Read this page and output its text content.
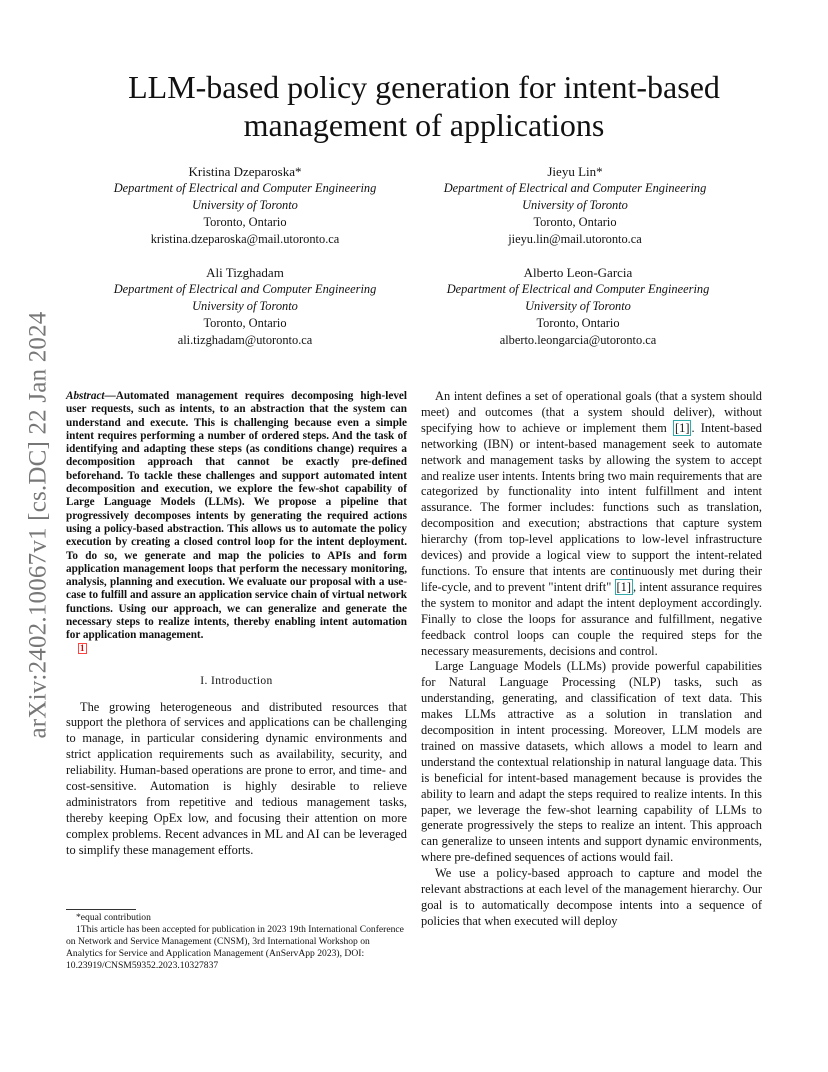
arXiv:2402.10067v1 [cs.DC] 22 Jan 2024
LLM-based policy generation for intent-based management of applications
Kristina Dzeparoska*
Department of Electrical and Computer Engineering
University of Toronto
Toronto, Ontario
kristina.dzeparoska@mail.utoronto.ca
Jieyu Lin*
Department of Electrical and Computer Engineering
University of Toronto
Toronto, Ontario
jieyu.lin@mail.utoronto.ca
Ali Tizghadam
Department of Electrical and Computer Engineering
University of Toronto
Toronto, Ontario
ali.tizghadam@utoronto.ca
Alberto Leon-Garcia
Department of Electrical and Computer Engineering
University of Toronto
Toronto, Ontario
alberto.leongarcia@utoronto.ca
Abstract—Automated management requires decomposing high-level user requests, such as intents, to an abstraction that the system can understand and execute. This is challenging because even a simple intent requires performing a number of ordered steps. And the task of identifying and adapting these steps (as conditions change) requires a decomposition approach that cannot be exactly pre-defined beforehand. To tackle these challenges and support automated intent decomposition and execution, we explore the few-shot capability of Large Language Models (LLMs). We propose a pipeline that progressively decomposes intents by generating the required actions using a policy-based abstraction. This allows us to automate the policy execution by creating a closed control loop for the intent deployment. To do so, we generate and map the policies to APIs and form application management loops that perform the necessary monitoring, analysis, planning and execution. We evaluate our proposal with a use-case to fulfill and assure an application service chain of virtual network functions. Using our approach, we can generalize and generate the necessary steps to realize intents, thereby enabling intent automation for application management.
1
I. Introduction

The growing heterogeneous and distributed resources that support the plethora of services and applications can be challenging to manage, in particular considering dynamic environments and strict application requirements such as availability, security, and reliability. Human-based operations are prone to error, and time- and cost-sensitive. Automation is highly desirable to relieve administrators from repetitive and tedious management tasks, thereby keeping OpEx low, and focusing their attention on more complex problems. Recent advances in ML and AI can be leveraged to simplify these management efforts.

*equal contribution
1This article has been accepted for publication in 2023 19th International Conference on Network and Service Management (CNSM), 3rd International Workshop on Analytics for Service and Application Management (AnServApp 2023), DOI: 10.23919/CNSM59352.2023.10327837

An intent defines a set of operational goals (that a system should meet) and outcomes (that a system should deliver), without specifying how to achieve or implement them [1] . Intent-based networking (IBN) or intent-based management seek to automate network and management tasks by allowing the system to accept and realize user intents. Intents bring two main requirements that are categorized by functionality into intent fulfillment and intent assurance. The former includes: functions such as translation, decomposition and execution; abstractions that capture system hierarchy (from top-level applications to low-level infrastructure devices) and provide a logical view to support the intent-related functions. To ensure that intents are continuously met during their life-cycle, and to prevent "intent drift" [1] , intent assurance requires the system to monitor and adapt the intent deployment accordingly. Finally to close the loops for assurance and fulfillment, negative feedback control loops can couple the required steps for the necessary measurements, decisions and control.

Large Language Models (LLMs) provide powerful capabilities for Natural Language Processing (NLP) tasks, such as understanding, generating, and classification of text data. This makes LLMs attractive as a solution in translation and decomposition in intent processing. Moreover, LLM models are trained on massive datasets, which allows a model to learn and understand the contextual relationship in natural language data. This is beneficial for intent-based management because is provides the ability to learn and adapt the steps required to realize intents. In this paper, we leverage the few-shot learning capability of LLMs to generate progressively the steps to realize an intent. This approach can generalize to unseen intents and support dynamic environments, where pre-defined sequences of actions would fail.

We use a policy-based approach to capture and model the relevant abstractions at each level of the management hierarchy. Our goal is to automatically decompose intents into a sequence of policies that when executed will deploy
